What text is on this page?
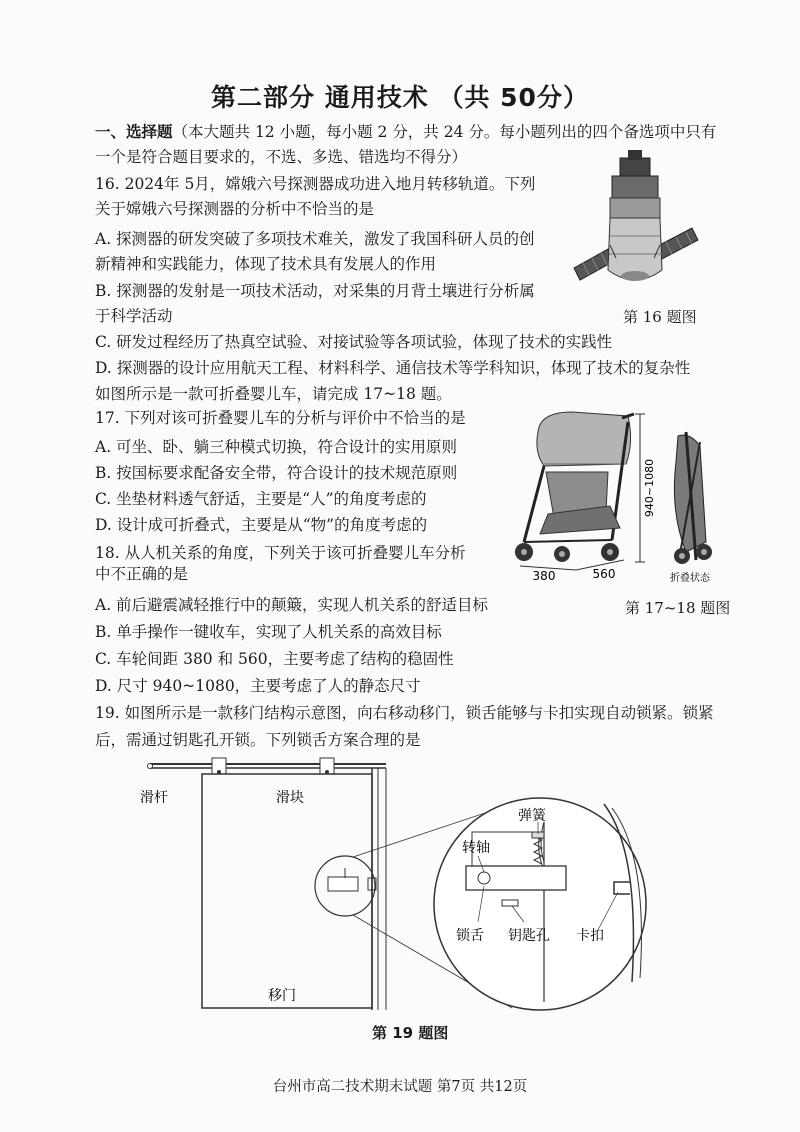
第二部分 通用技术 （共 50分）
一、选择题（本大题共 12 小题，每小题 2 分，共 24 分。每小题列出的四个备选项中只有
一个是符合题目要求的，不选、多选、错选均不得分）
16. 2024年 5月，嫦娥六号探测器成功进入地月转移轨道。下列
关于嫦娥六号探测器的分析中不恰当的是
A. 探测器的研发突破了多项技术难关，激发了我国科研人员的创
新精神和实践能力，体现了技术具有发展人的作用
B. 探测器的发射是一项技术活动，对采集的月背土壤进行分析属
于科学活动
C. 研发过程经历了热真空试验、对接试验等各项试验，体现了技术的实践性
D. 探测器的设计应用航天工程、材料科学、通信技术等学科知识，体现了技术的复杂性
第 16 题图
如图所示是一款可折叠婴儿车，请完成 17~18 题。
17. 下列对该可折叠婴儿车的分析与评价中不恰当的是
A. 可坐、卧、躺三种模式切换，符合设计的实用原则
B. 按国标要求配备安全带，符合设计的技术规范原则
C. 坐垫材料透气舒适，主要是“人”的角度考虑的
D. 设计成可折叠式，主要是从“物”的角度考虑的
18. 从人机关系的角度，下列关于该可折叠婴儿车分析
中不正确的是
A. 前后避震减轻推行中的颠簸，实现人机关系的舒适目标
B. 单手操作一键收车，实现了人机关系的高效目标
C. 车轮间距 380 和 560，主要考虑了结构的稳固性
D. 尺寸 940~1080，主要考虑了人的静态尺寸
940~1080
380	560	折叠状态
第 17~18 题图
19. 如图所示是一款移门结构示意图，向右移动移门，锁舌能够与卡扣实现自动锁紧。锁紧
后，需通过钥匙孔开锁。下列锁舌方案合理的是
滑杆	滑块
弹簧
转轴
锁舌 钥匙孔 卡扣
移门
第 19 题图
台州市高二技术期末试题 第7页 共12页
